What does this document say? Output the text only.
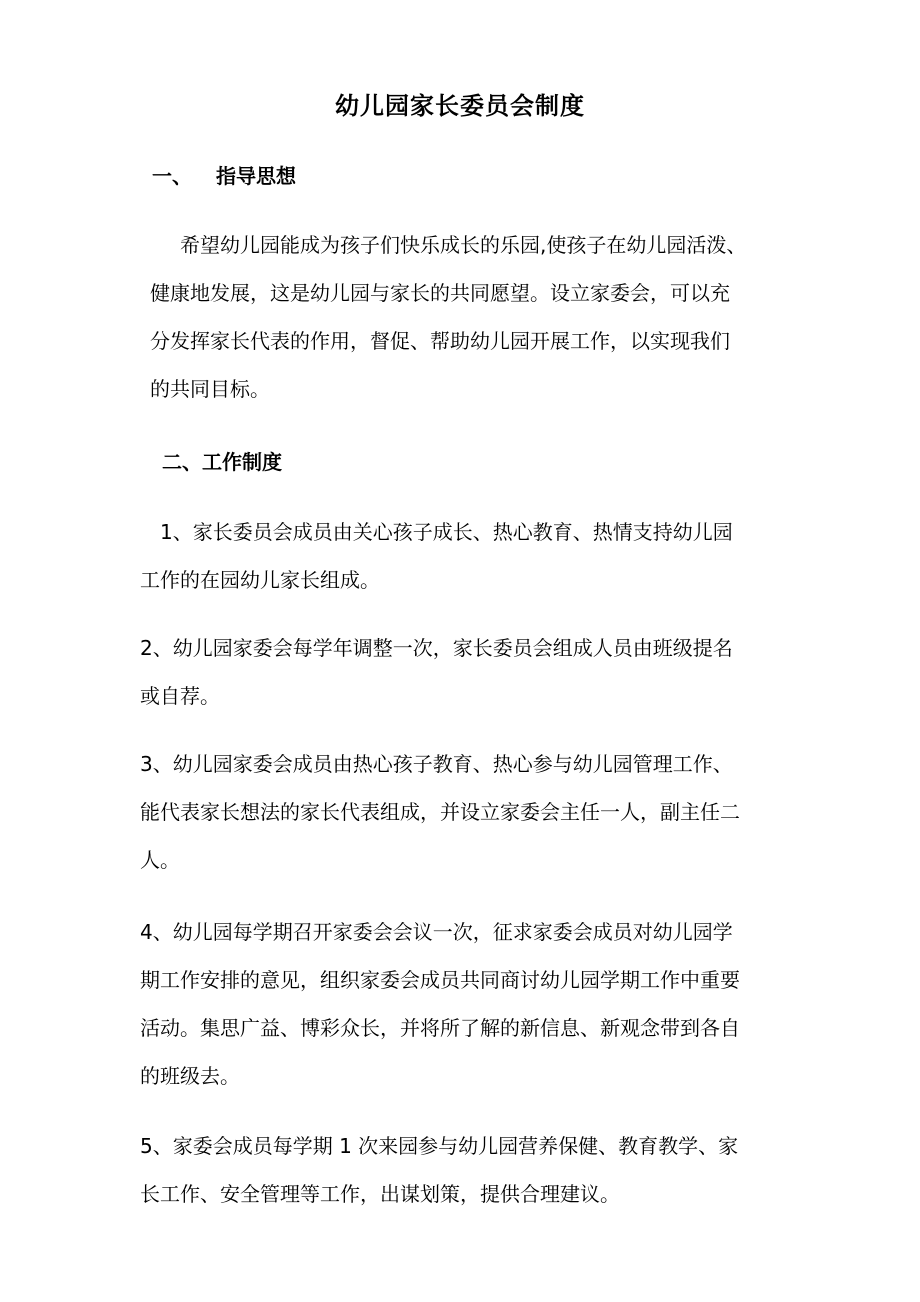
幼儿园家长委员会制度
一、 指导思想

希望幼儿园能成为孩子们快乐成长的乐园,使孩子在幼儿园活泼、
健康地发展，这是幼儿园与家长的共同愿望。设立家委会，可以充
分发挥家长代表的作用，督促、帮助幼儿园开展工作，以实现我们
的共同目标。

二、工作制度

1、家长委员会成员由关心孩子成长、热心教育、热情支持幼儿园
工作的在园幼儿家长组成。

2、幼儿园家委会每学年调整一次，家长委员会组成人员由班级提名
或自荐。

3、幼儿园家委会成员由热心孩子教育、热心参与幼儿园管理工作、
能代表家长想法的家长代表组成，并设立家委会主任一人，副主任二
人。

4、幼儿园每学期召开家委会会议一次，征求家委会成员对幼儿园学
期工作安排的意见，组织家委会成员共同商讨幼儿园学期工作中重要
活动。集思广益、博彩众长，并将所了解的新信息、新观念带到各自
的班级去。

5、家委会成员每学期 1 次来园参与幼儿园营养保健、教育教学、家
长工作、安全管理等工作，出谋划策，提供合理建议。
